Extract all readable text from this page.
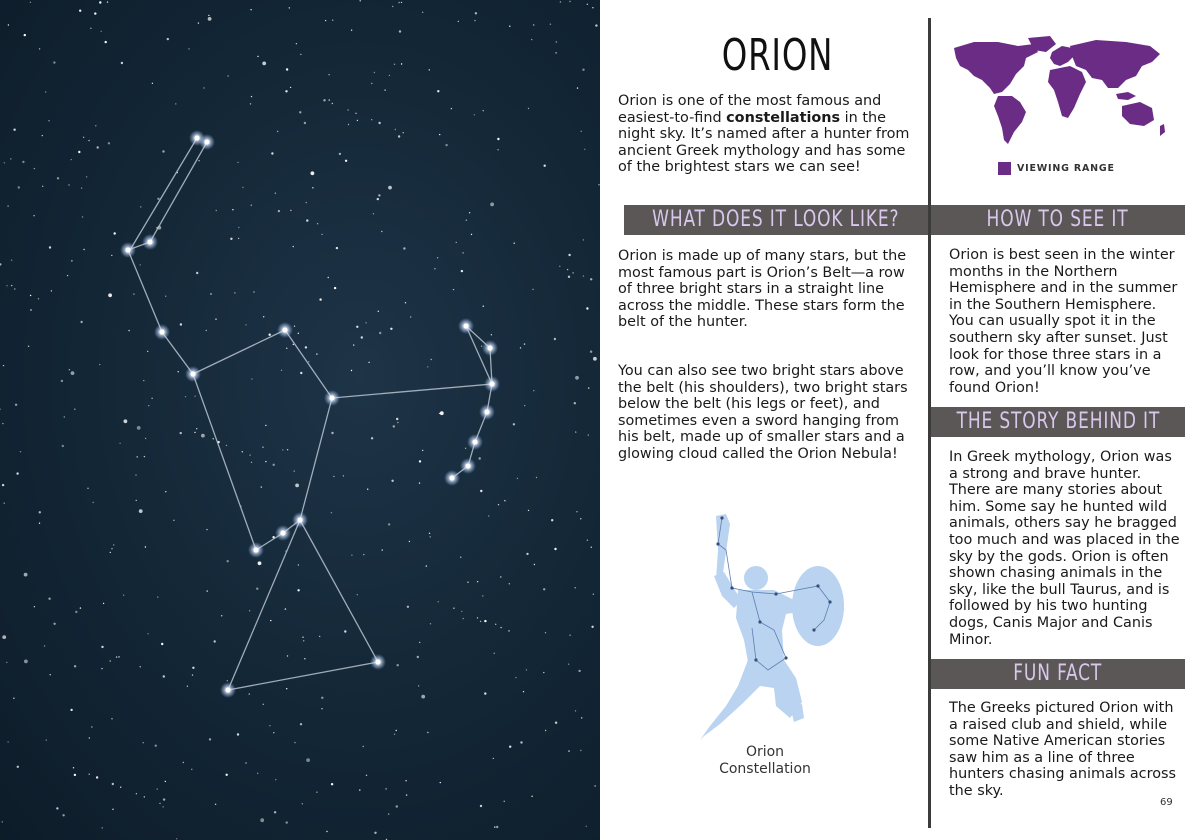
ORION

Orion is one of the most famous and easiest-to-find constellations in the night sky. It’s named after a hunter from ancient Greek mythology and has some of the brightest stars we can see!	VIEWING RANGE
WHAT DOES IT LOOK LIKE?	HOW TO SEE IT
THE STORY BEHIND IT
FUN FACT

Orion is made up of many stars, but the most famous part is Orion’s Belt—a row of three bright stars in a straight line across the middle. These stars form the belt of the hunter.

You can also see two bright stars above the belt (his shoulders), two bright stars below the belt (his legs or feet), and sometimes even a sword hanging from his belt, made up of smaller stars and a glowing cloud called the Orion Nebula!

Orion is best seen in the winter months in the Northern Hemisphere and in the summer in the Southern Hemisphere. You can usually spot it in the southern sky after sunset. Just look for those three stars in a row, and you’ll know you’ve found Orion!

In Greek mythology, Orion was a strong and brave hunter. There are many stories about him. Some say he hunted wild animals, others say he bragged too much and was placed in the sky by the gods. Orion is often shown chasing animals in the sky, like the bull Taurus, and is followed by his two hunting dogs, Canis Major and Canis Minor.

The Greeks pictured Orion with a raised club and shield, while some Native American stories saw him as a line of three hunters chasing animals across the sky.

Orion
Constellation
69
